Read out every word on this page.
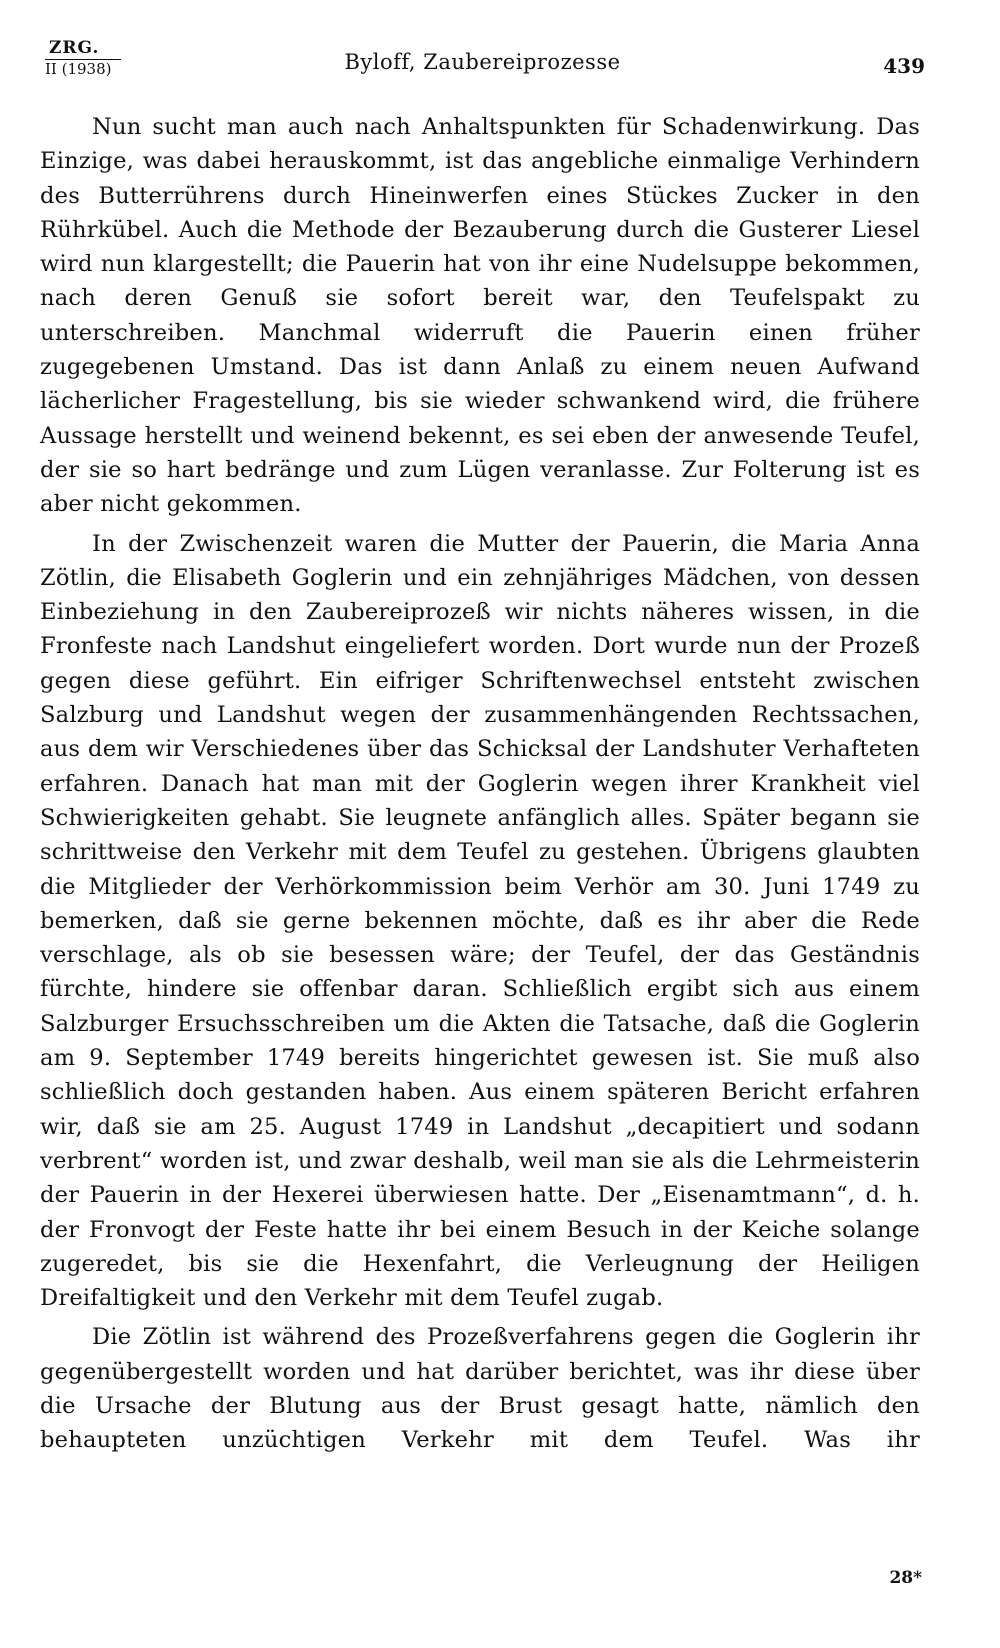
ZRG.
II (1938)	Byloff, Zaubereiprozesse	439

Nun sucht man auch nach Anhaltspunkten für Schadenwirkung. Das Einzige, was dabei herauskommt, ist das angebliche einmalige Verhindern des Butterrührens durch Hineinwerfen eines Stückes Zucker in den Rührkübel. Auch die Methode der Bezauberung durch die Gusterer Liesel wird nun klargestellt; die Pauerin hat von ihr eine Nudelsuppe bekommen, nach deren Genuß sie sofort bereit war, den Teufelspakt zu unterschreiben. Manchmal widerruft die Pauerin einen früher zugegebenen Umstand. Das ist dann Anlaß zu einem neuen Aufwand lächerlicher Fragestellung, bis sie wieder schwankend wird, die frühere Aussage herstellt und weinend bekennt, es sei eben der anwesende Teufel, der sie so hart bedränge und zum Lügen veranlasse. Zur Folterung ist es aber nicht gekommen.

In der Zwischenzeit waren die Mutter der Pauerin, die Maria Anna Zötlin, die Elisabeth Goglerin und ein zehnjähriges Mädchen, von dessen Einbeziehung in den Zaubereiprozeß wir nichts näheres wissen, in die Fronfeste nach Landshut eingeliefert worden. Dort wurde nun der Prozeß gegen diese geführt. Ein eifriger Schriftenwechsel entsteht zwischen Salzburg und Landshut wegen der zusammenhängenden Rechtssachen, aus dem wir Verschiedenes über das Schicksal der Landshuter Verhafteten erfahren. Danach hat man mit der Goglerin wegen ihrer Krankheit viel Schwierigkeiten gehabt. Sie leugnete anfänglich alles. Später begann sie schrittweise den Verkehr mit dem Teufel zu gestehen. Übrigens glaubten die Mitglieder der Verhörkommission beim Verhör am 30. Juni 1749 zu bemerken, daß sie gerne bekennen möchte, daß es ihr aber die Rede verschlage, als ob sie besessen wäre; der Teufel, der das Geständnis fürchte, hindere sie offenbar daran. Schließlich ergibt sich aus einem Salzburger Ersuchsschreiben um die Akten die Tatsache, daß die Goglerin am 9. September 1749 bereits hingerichtet gewesen ist. Sie muß also schließlich doch gestanden haben. Aus einem späteren Bericht erfahren wir, daß sie am 25. August 1749 in Landshut „decapitiert und sodann verbrent“ worden ist, und zwar deshalb, weil man sie als die Lehrmeisterin der Pauerin in der Hexerei überwiesen hatte. Der „Eisenamtmann“, d. h. der Fronvogt der Feste hatte ihr bei einem Besuch in der Keiche solange zugeredet, bis sie die Hexenfahrt, die Verleugnung der Heiligen Dreifaltigkeit und den Verkehr mit dem Teufel zugab.

Die Zötlin ist während des Prozeßverfahrens gegen die Goglerin ihr gegenübergestellt worden und hat darüber berichtet, was ihr diese über die Ursache der Blutung aus der Brust gesagt hatte, nämlich den behaupteten unzüchtigen Verkehr mit dem Teufel. Was ihr

28*
